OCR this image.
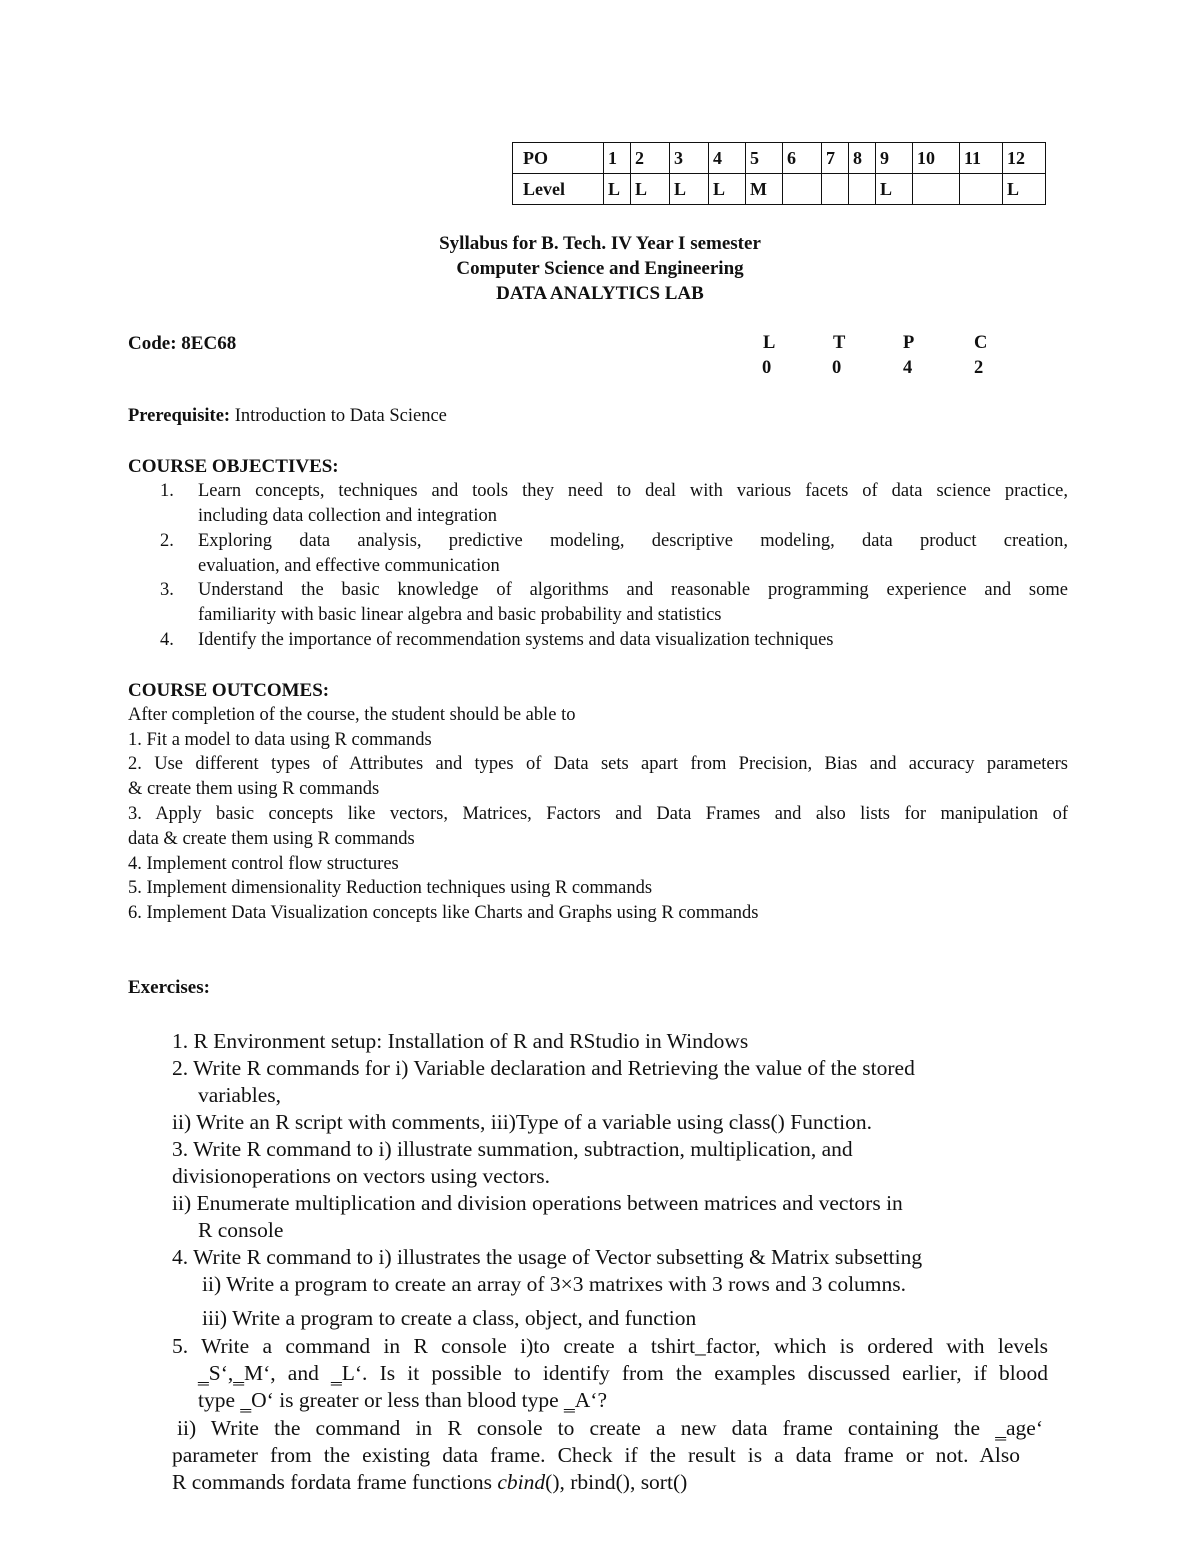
PO	1	2	3	4	5	6	7	8	9	10	11	12
Level	L	L	L	L	M				L			L
Syllabus for B. Tech. IV Year I semester
Computer Science and Engineering
DATA ANALYTICS LAB
Code: 8EC68	L	T	P	C
0	0	4	2
Prerequisite: Introduction to Data Science
COURSE OBJECTIVES:
1. Learn concepts, techniques and tools they need to deal with various facets of data science practice,
including data collection and integration
2. Exploring data analysis, predictive modeling, descriptive modeling, data product creation,
evaluation, and effective communication
3. Understand the basic knowledge of algorithms and reasonable programming experience and some
familiarity with basic linear algebra and basic probability and statistics
4. Identify the importance of recommendation systems and data visualization techniques
COURSE OUTCOMES:
After completion of the course, the student should be able to
1. Fit a model to data using R commands
2. Use different types of Attributes and types of Data sets apart from Precision, Bias and accuracy parameters
& create them using R commands
3. Apply basic concepts like vectors, Matrices, Factors and Data Frames and also lists for manipulation of
data & create them using R commands
4. Implement control flow structures
5. Implement dimensionality Reduction techniques using R commands
6. Implement Data Visualization concepts like Charts and Graphs using R commands
Exercises:
1. R Environment setup: Installation of R and RStudio in Windows
2. Write R commands for i) Variable declaration and Retrieving the value of the stored
variables,
ii) Write an R script with comments, iii)Type of a variable using class() Function.
3. Write R command to i) illustrate summation, subtraction, multiplication, and
divisionoperations on vectors using vectors.
ii) Enumerate multiplication and division operations between matrices and vectors in
R console
4. Write R command to i) illustrates the usage of Vector subsetting & Matrix subsetting
ii) Write a program to create an array of 3×3 matrixes with 3 rows and 3 columns.
iii) Write a program to create a class, object, and function
5. Write a command in R console i)to create a tshirt_factor, which is ordered with levels
‗S‘,‗M‘, and ‗L‘. Is it possible to identify from the examples discussed earlier, if blood
type ‗O‘ is greater or less than blood type ‗A‘?
ii) Write the command in R console to create a new data frame containing the ‗age‘
parameter from the existing data frame. Check if the result is a data frame or not. Also
R commands fordata frame functions cbind(), rbind(), sort()
